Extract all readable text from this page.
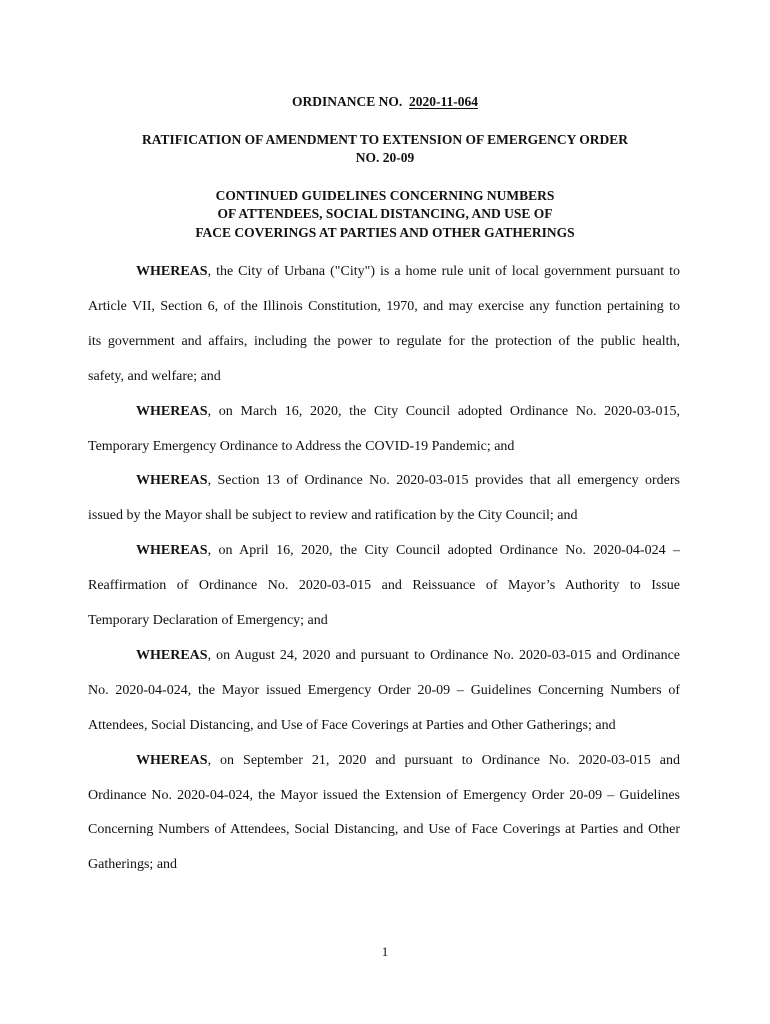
ORDINANCE NO. 2020-11-064
RATIFICATION OF AMENDMENT TO EXTENSION OF EMERGENCY ORDER
NO. 20-09
CONTINUED GUIDELINES CONCERNING NUMBERS
OF ATTENDEES, SOCIAL DISTANCING, AND USE OF
FACE COVERINGS AT PARTIES AND OTHER GATHERINGS
WHEREAS, the City of Urbana ("City") is a home rule unit of local government pursuant to
Article VII, Section 6, of the Illinois Constitution, 1970, and may exercise any function pertaining to
its government and affairs, including the power to regulate for the protection of the public health,
safety, and welfare; and
WHEREAS, on March 16, 2020, the City Council adopted Ordinance No. 2020-03-015,
Temporary Emergency Ordinance to Address the COVID-19 Pandemic; and
WHEREAS, Section 13 of Ordinance No. 2020-03-015 provides that all emergency orders
issued by the Mayor shall be subject to review and ratification by the City Council; and
WHEREAS, on April 16, 2020, the City Council adopted Ordinance No. 2020-04-024 –
Reaffirmation of Ordinance No. 2020-03-015 and Reissuance of Mayor’s Authority to Issue
Temporary Declaration of Emergency; and
WHEREAS, on August 24, 2020 and pursuant to Ordinance No. 2020-03-015 and Ordinance
No. 2020-04-024, the Mayor issued Emergency Order 20-09 – Guidelines Concerning Numbers of
Attendees, Social Distancing, and Use of Face Coverings at Parties and Other Gatherings; and
WHEREAS, on September 21, 2020 and pursuant to Ordinance No. 2020-03-015 and
Ordinance No. 2020-04-024, the Mayor issued the Extension of Emergency Order 20-09 – Guidelines
Concerning Numbers of Attendees, Social Distancing, and Use of Face Coverings at Parties and Other
Gatherings; and
1
